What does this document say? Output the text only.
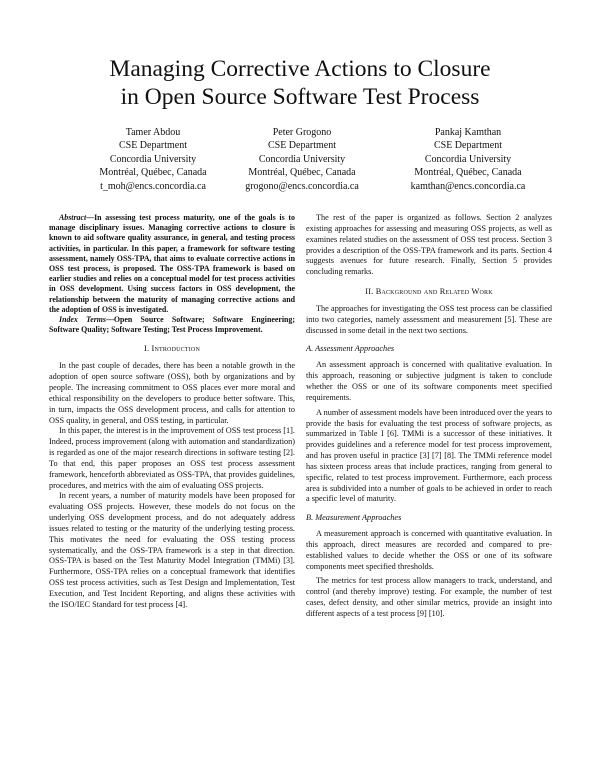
Managing Corrective Actions to Closure
in Open Source Software Test Process
Tamer Abdou
CSE Department
Concordia University
Montréal, Québec, Canada
t_moh@encs.concordia.ca
Peter Grogono
CSE Department
Concordia University
Montréal, Québec, Canada
grogono@encs.concordia.ca
Pankaj Kamthan
CSE Department
Concordia University
Montréal, Québec, Canada
kamthan@encs.concordia.ca

Abstract—In assessing test process maturity, one of the goals is to manage disciplinary issues. Managing corrective actions to closure is known to aid software quality assurance, in general, and testing process activities, in particular. In this paper, a framework for software testing assessment, namely OSS-TPA, that aims to evaluate corrective actions in OSS test process, is proposed. The OSS-TPA framework is based on earlier studies and relies on a conceptual model for test process activities in OSS development. Using success factors in OSS development, the relationship between the maturity of managing corrective actions and the adoption of OSS is investigated.

Index Terms—Open Source Software; Software Engineering; Software Quality; Software Testing; Test Process Improvement.

I. Introduction

In the past couple of decades, there has been a notable growth in the adoption of open source software (OSS), both by organizations and by people. The increasing commitment to OSS places ever more moral and ethical responsibility on the developers to produce better software. This, in turn, impacts the OSS development process, and calls for attention to OSS quality, in general, and OSS testing, in particular.

In this paper, the interest is in the improvement of OSS test process [1]. Indeed, process improvement (along with automation and standardization) is regarded as one of the major research directions in software testing [2]. To that end, this paper proposes an OSS test process assessment framework, henceforth abbreviated as OSS-TPA, that provides guidelines, procedures, and metrics with the aim of evaluating OSS projects.

In recent years, a number of maturity models have been proposed for evaluating OSS projects. However, these models do not focus on the underlying OSS development process, and do not adequately address issues related to testing or the maturity of the underlying testing process. This motivates the need for evaluating the OSS testing process systematically, and the OSS-TPA framework is a step in that direction. OSS-TPA is based on the Test Maturity Model Integration (TMMi) [3]. Furthermore, OSS-TPA relies on a conceptual framework that identifies OSS test process activities, such as Test Design and Implementation, Test Execution, and Test Incident Reporting, and aligns these activities with the ISO/IEC Standard for test process [4].

The rest of the paper is organized as follows. Section 2 analyzes existing approaches for assessing and measuring OSS projects, as well as examines related studies on the assessment of OSS test process. Section 3 provides a description of the OSS-TPA framework and its parts. Section 4 suggests avenues for future research. Finally, Section 5 provides concluding remarks.

II. Background and Related Work

The approaches for investigating the OSS test process can be classified into two categories, namely assessment and measurement [5]. These are discussed in some detail in the next two sections.

A. Assessment Approaches

An assessment approach is concerned with qualitative evaluation. In this approach, reasoning or subjective judgment is taken to conclude whether the OSS or one of its software components meet specified requirements.

A number of assessment models have been introduced over the years to provide the basis for evaluating the test process of software projects, as summarized in Table I [6]. TMMi is a successor of these initiatives. It provides guidelines and a reference model for test process improvement, and has proven useful in practice [3] [7] [8]. The TMMi reference model has sixteen process areas that include practices, ranging from general to specific, related to test process improvement. Furthermore, each process area is subdivided into a number of goals to be achieved in order to reach a specific level of maturity.

B. Measurement Approaches

A measurement approach is concerned with quantitative evaluation. In this approach, direct measures are recorded and compared to pre-established values to decide whether the OSS or one of its software components meet specified thresholds.

The metrics for test process allow managers to track, understand, and control (and thereby improve) testing. For example, the number of test cases, defect density, and other similar metrics, provide an insight into different aspects of a test process [9] [10].
